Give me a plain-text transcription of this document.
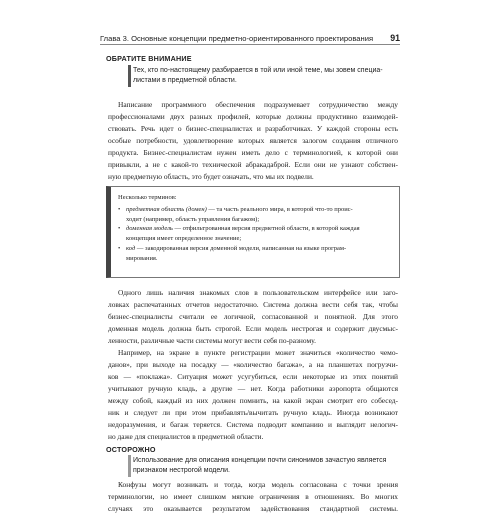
Глава 3. Основные концепции предметно-ориентированного проектирования 91
ОБРАТИТЕ ВНИМАНИЕ
Тех, кто по-настоящему разбирается в той или иной теме, мы зовем специа-
листами в предметной области.
Написание программного обеспечения подразумевает сотрудничество между
профессионалами двух разных профилей, которые должны продуктивно взаимодей-
ствовать. Речь идет о бизнес-специалистах и разработчиках. У каждой стороны есть
особые потребности, удовлетворение которых является залогом создания отличного
продукта. Бизнес-специалистам нужен иметь дело с терминологией, к которой они
привыкли, а не с какой-то технической абракадаброй. Если они не узнают собствен-
ную предметную область, это будет означать, что мы их подвели.
Несколько терминов:
• предметная область (домен) — та часть реального мира, в которой что-то проис-
ходит (например, область управления багажом);
• доменная модель — отфильтрованная версия предметной области, в которой каждая
концепция имеет определенное значение;
• код — закодированная версия доменной модели, написанная на языке програм-
мирования.
Одного лишь наличия знакомых слов в пользовательском интерфейсе или заго-
ловках распечатанных отчетов недостаточно. Система должна вести себя так, чтобы
бизнес-специалисты считали ее логичной, согласованной и понятной. Для этого
доменная модель должна быть строгой. Если модель нестрогая и содержит двусмыс-
ленности, различные части системы могут вести себя по-разному.
Например, на экране в пункте регистрации может значиться «количество чемо-
данов», при выходе на посадку — «количество багажа», а на планшетах погрузчи-
ков — «поклажа». Ситуация может усугубиться, если некоторые из этих понятий
учитывают ручную кладь, а другие — нет. Когда работники аэропорта общаются
между собой, каждый из них должен помнить, на какой экран смотрит его собесед-
ник и следует ли при этом прибавлять/вычитать ручную кладь. Иногда возникают
недоразумения, и багаж теряется. Система подводит компанию и выглядит нелогич-
но даже для специалистов в предметной области.
ОСТОРОЖНО
Использование для описания концепции почти синонимов зачастую является
признаком нестрогой модели.
Конфузы могут возникать и тогда, когда модель согласована с точки зрения
терминологии, но имеет слишком мягкие ограничения в отношениях. Во многих
случаях это оказывается результатом задействования стандартной системы.
